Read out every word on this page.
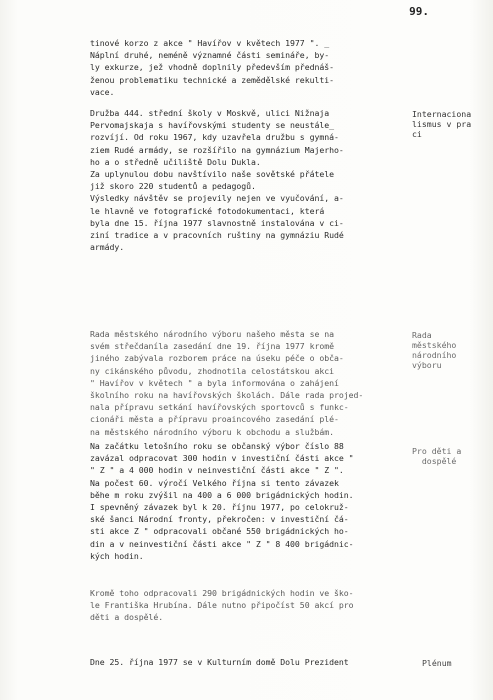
99.
tinové korzo z akce " Havířov v květech 1977 ". _
Náplní druhé, neméně významné části semináře, by-
ly exkurze, jež vhodně doplnily především přednáš-
ženou problematiku technické a zemědělské rekulti-
vace.
Družba 444. střední školy v Moskvě, ulici Nižnaja
Pervomajskaja s havířovskými studenty se neustále_
rozvíjí. Od roku 1967, kdy uzavřela družbu s gymná-
ziem Rudé armády, se rozšířilo na gymnázium Majerho-
ho a o středně učiliště Dolu Dukla.
Za uplynulou dobu navštívilo naše sovětské přátele
již skoro 220 studentů a pedagogů.
Výsledky návštěv se projevily nejen ve vyučování, a-
le hlavně ve fotografické fotodokumentaci, která
byla dne 15. října 1977 slavnostně instalována v ci-
ziní tradice a v pracovních ruštiny na gymnáziu Rudé
armády.
Rada městského národního výboru našeho města se na
svém střečdaníla zasedání dne 19. října 1977 kromě
jiného zabývala rozborem práce na úseku péče o obča-
ny cikánského původu, zhodnotila celostátskou akci
" Havířov v květech " a byla informována o zahájení
školního roku na havířovských školách. Dále rada projed-
nala přípravu setkání havířovských sportovců s funkc-
cionáři města a přípravu proaincového zasedání plé-
na městského národního výboru k obchodu a službám.
Na začátku letošního roku se občanský výbor číslo 88
zavázal odpracovat 300 hodin v investiční části akce "
" Z " a 4 000 hodin v neinvestiční části akce " Z ".
Na počest 60. výročí Velkého října si tento závazek
běhe m roku zvýšil na 400 a 6 000 brigádnických hodin.
I spevněný závazek byl k 20. říjnu 1977, po celokruž-
ské šanci Národní fronty, překročen: v investiční čá-
sti akce Z " odpracovali občané 550 brigádnických ho-
din a v neinvestiční části akce " Z " 8 400 brigádnic-
kých hodin.
Kromě toho odpracovali 290 brigádnických hodin ve ško-
le Františka Hrubína. Dále nutno připočíst 50 akcí pro
děti a dospělé.
Dne 25. října 1977 se v Kulturním domě Dolu Prezident
Internaciona
lismus v pra
ci
Rada
městského
národního
výboru
Pro děti a
dospělé
Plénum
